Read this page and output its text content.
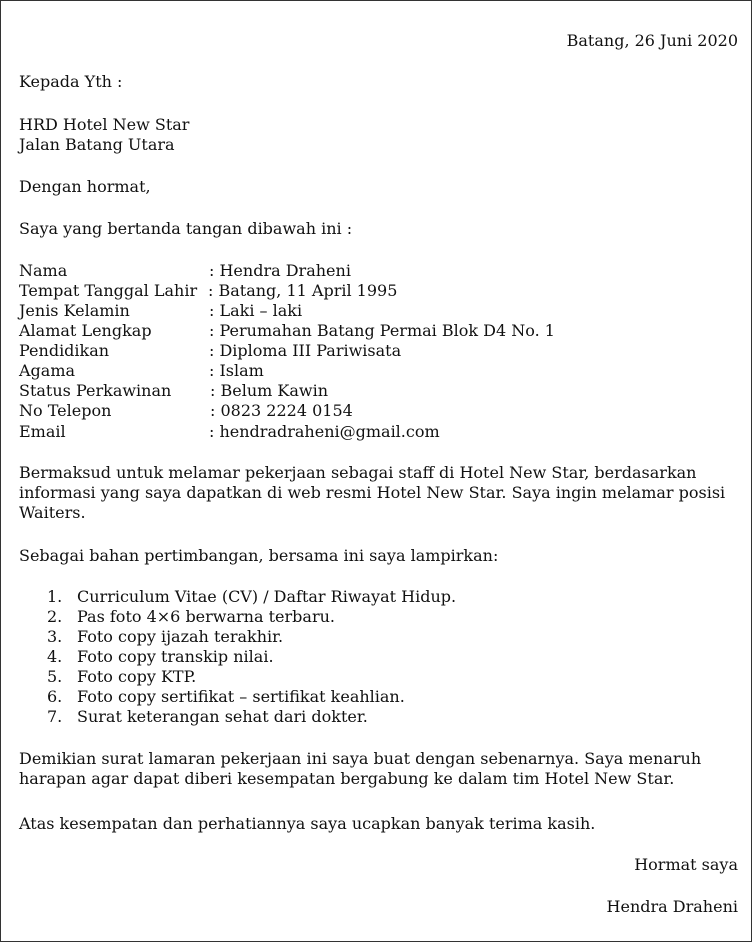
Batang, 26 Juni 2020
Kepada Yth :
HRD Hotel New Star
Jalan Batang Utara
Dengan hormat,
Saya yang bertanda tangan dibawah ini :
Nama	: Hendra Draheni
Tempat Tanggal Lahir : Batang, 11 April 1995
Jenis Kelamin	: Laki – laki
Alamat Lengkap	: Perumahan Batang Permai Blok D4 No. 1
Pendidikan	: Diploma III Pariwisata
Agama	: Islam
Status Perkawinan : Belum Kawin
No Telepon	: 0823 2224 0154
Email	: hendradraheni@gmail.com
Bermaksud untuk melamar pekerjaan sebagai staff di Hotel New Star, berdasarkan informasi yang saya dapatkan di web resmi Hotel New Star. Saya ingin melamar posisi Waiters.
Sebagai bahan pertimbangan, bersama ini saya lampirkan:
1. Curriculum Vitae (CV) / Daftar Riwayat Hidup.
2. Pas foto 4×6 berwarna terbaru.
3. Foto copy ijazah terakhir.
4. Foto copy transkip nilai.
5. Foto copy KTP.
6. Foto copy sertifikat – sertifikat keahlian.
7. Surat keterangan sehat dari dokter.
Demikian surat lamaran pekerjaan ini saya buat dengan sebenarnya. Saya menaruh harapan agar dapat diberi kesempatan bergabung ke dalam tim Hotel New Star.
Atas kesempatan dan perhatiannya saya ucapkan banyak terima kasih.
Hormat saya
Hendra Draheni
